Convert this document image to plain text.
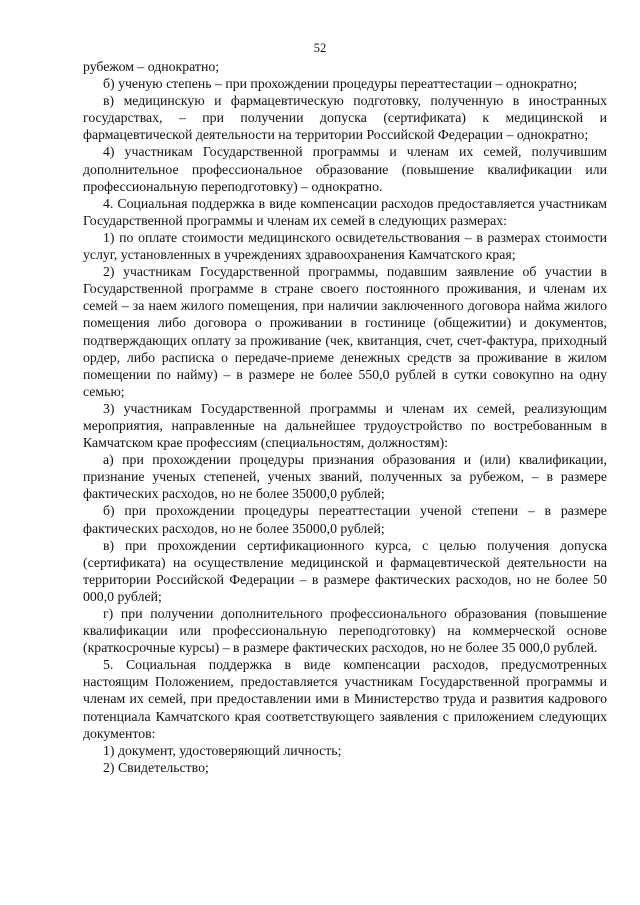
52

рубежом – однократно;

б) ученую степень – при прохождении процедуры переаттестации – однократно;

в) медицинскую и фармацевтическую подготовку, полученную в иностранных государствах, – при получении допуска (сертификата) к медицинской и фармацевтической деятельности на территории Российской Федерации – однократно;

4) участникам Государственной программы и членам их семей, получившим дополнительное профессиональное образование (повышение квалификации или профессиональную переподготовку) – однократно.

4. Социальная поддержка в виде компенсации расходов предоставляется участникам Государственной программы и членам их семей в следующих размерах:

1) по оплате стоимости медицинского освидетельствования – в размерах стоимости услуг, установленных в учреждениях здравоохранения Камчатского края;

2) участникам Государственной программы, подавшим заявление об участии в Государственной программе в стране своего постоянного проживания, и членам их семей – за наем жилого помещения, при наличии заключенного договора найма жилого помещения либо договора о проживании в гостинице (общежитии) и документов, подтверждающих оплату за проживание (чек, квитанция, счет, счет-фактура, приходный ордер, либо расписка о передаче-приеме денежных средств за проживание в жилом помещении по найму) – в размере не более 550,0 рублей в сутки совокупно на одну семью;

3) участникам Государственной программы и членам их семей, реализующим мероприятия, направленные на дальнейшее трудоустройство по востребованным в Камчатском крае профессиям (специальностям, должностям):

а) при прохождении процедуры признания образования и (или) квалификации, признание ученых степеней, ученых званий, полученных за рубежом, – в размере фактических расходов, но не более 35000,0 рублей;

б) при прохождении процедуры переаттестации ученой степени – в размере фактических расходов, но не более 35000,0 рублей;

в) при прохождении сертификационного курса, с целью получения допуска (сертификата) на осуществление медицинской и фармацевтической деятельности на территории Российской Федерации – в размере фактических расходов, но не более 50 000,0 рублей;

г) при получении дополнительного профессионального образования (повышение квалификации или профессиональную переподготовку) на коммерческой основе (краткосрочные курсы) – в размере фактических расходов, но не более 35 000,0 рублей.

5. Социальная поддержка в виде компенсации расходов, предусмотренных настоящим Положением, предоставляется участникам Государственной программы и членам их семей, при предоставлении ими в Министерство труда и развития кадрового потенциала Камчатского края соответствующего заявления с приложением следующих документов:

1) документ, удостоверяющий личность;

2) Свидетельство;
